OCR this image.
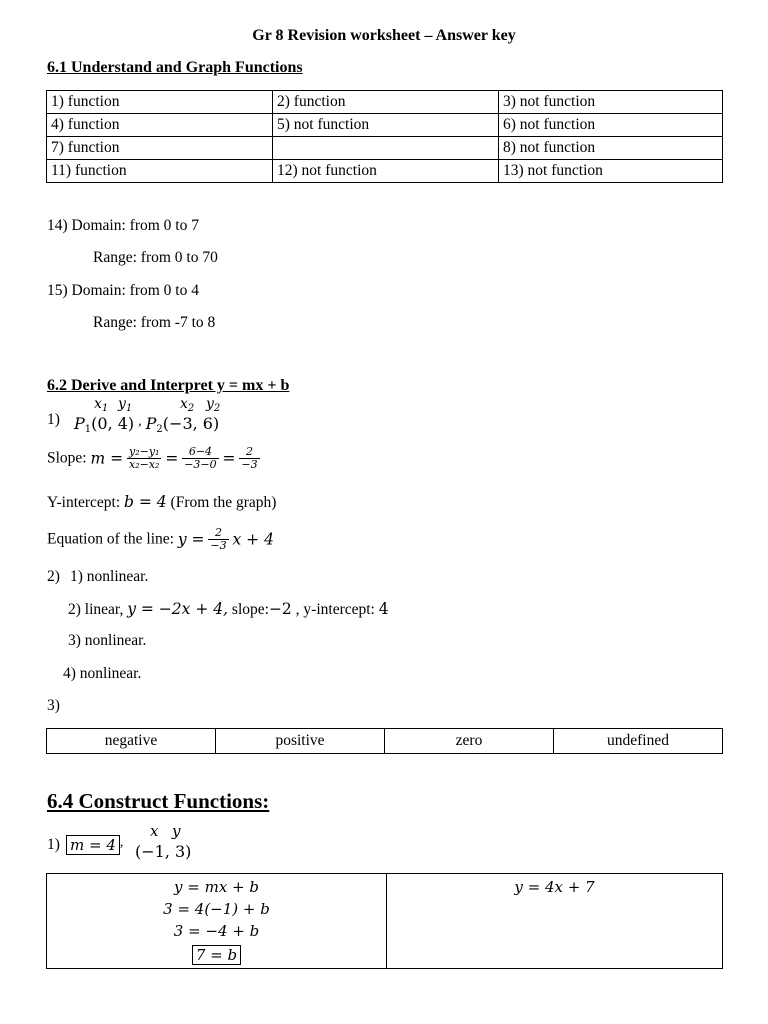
Gr 8 Revision worksheet – Answer key
6.1 Understand and Graph Functions
1) function	2) function	3) not function
4) function	5) not function	6) not function
7) function		8) not function
11) function	12) not function	13) not function
14) Domain: from 0 to 7
Range: from 0 to 70
15) Domain: from 0 to 4
Range: from -7 to 8
6.2 Derive and Interpret y = mx + b
$x_1$ $y_1$	$x_2$ $y_2$
1) $P_1(0$, 4) , $P_2(-3$, 6)
Slope: $m = \frac{\text{y₂−y₁}}{\text{x₂−x₂}} = \frac{6-4}{-3-0} = \frac{2}{-3}$
Y-intercept: b = 4 (From the graph)
Equation of the line: $y = \frac{2}{-3}$ x + 4
2) 1) nonlinear.
2) linear, y = −2x + 4, slope:−2 , y-intercept: 4
3) nonlinear.
4) nonlinear.
3)
negative	positive	zero	undefined
6.4 Construct Functions:
x y
1) m = 4 , (−1, 3)
y = mx + b
3 = 4(−1) + b
3 = −4 + b
7 = b

y = 4x + 7
